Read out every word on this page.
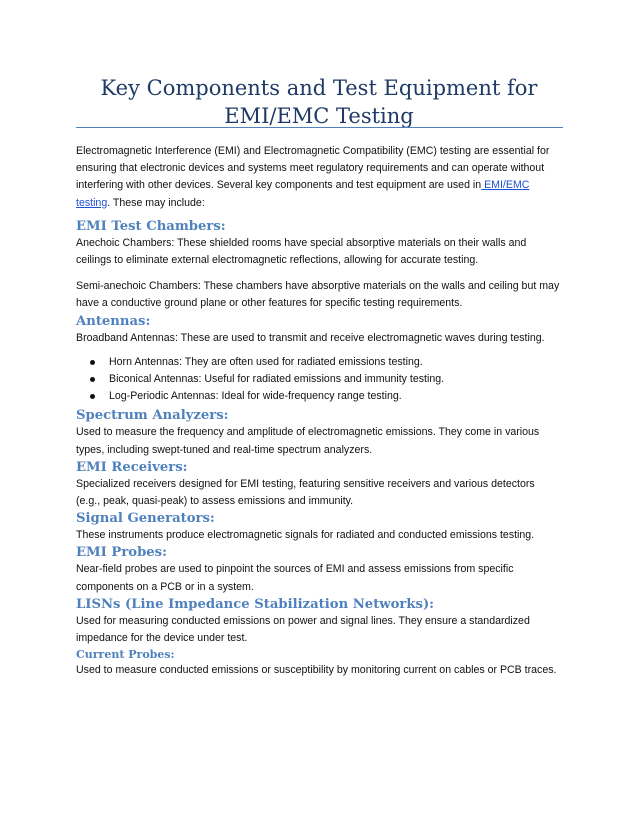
Key Components and Test Equipment for EMI/EMC Testing

Electromagnetic Interference (EMI) and Electromagnetic Compatibility (EMC) testing are essential for ensuring that electronic devices and systems meet regulatory requirements and can operate without interfering with other devices. Several key components and test equipment are used in EMI/EMC testing. These may include:

EMI Test Chambers:

Anechoic Chambers: These shielded rooms have special absorptive materials on their walls and ceilings to eliminate external electromagnetic reflections, allowing for accurate testing.

Semi-anechoic Chambers: These chambers have absorptive materials on the walls and ceiling but may have a conductive ground plane or other features for specific testing requirements.

Antennas:

Broadband Antennas: These are used to transmit and receive electromagnetic waves during testing.

Horn Antennas: They are often used for radiated emissions testing.
Biconical Antennas: Useful for radiated emissions and immunity testing.
Log-Periodic Antennas: Ideal for wide-frequency range testing.

Spectrum Analyzers:

Used to measure the frequency and amplitude of electromagnetic emissions. They come in various types, including swept-tuned and real-time spectrum analyzers.

EMI Receivers:

Specialized receivers designed for EMI testing, featuring sensitive receivers and various detectors (e.g., peak, quasi-peak) to assess emissions and immunity.

Signal Generators:

These instruments produce electromagnetic signals for radiated and conducted emissions testing.

EMI Probes:

Near-field probes are used to pinpoint the sources of EMI and assess emissions from specific components on a PCB or in a system.

LISNs (Line Impedance Stabilization Networks):

Used for measuring conducted emissions on power and signal lines. They ensure a standardized impedance for the device under test.

Current Probes:

Used to measure conducted emissions or susceptibility by monitoring current on cables or PCB traces.
